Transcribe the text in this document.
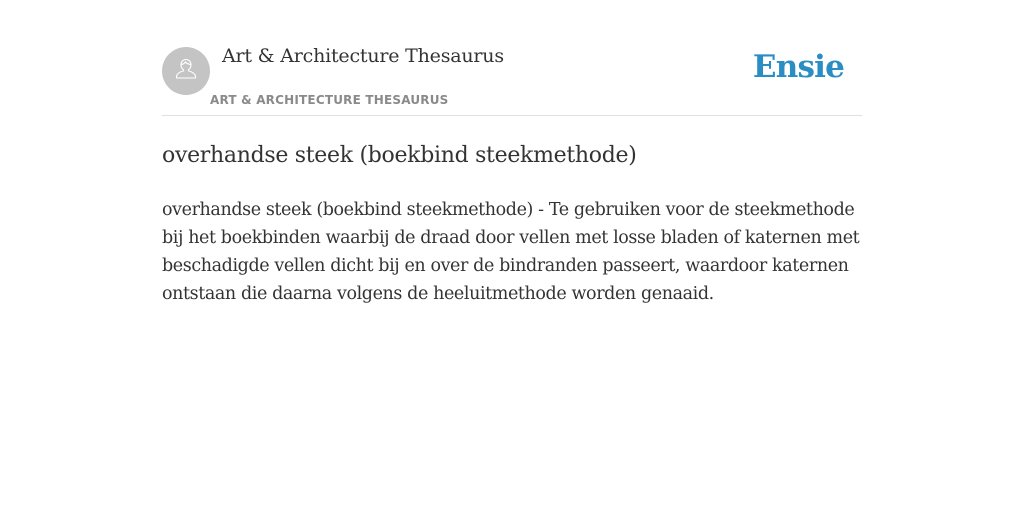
Art & Architecture Thesaurus
ART & ARCHITECTURE THESAURUS
Ensie
overhandse steek (boekbind steekmethode)

overhandse steek (boekbind steekmethode) - Te gebruiken voor de steekmethode bij het boekbinden waarbij de draad door vellen met losse bladen of katernen met beschadigde vellen dicht bij en over de bindranden passeert, waardoor katernen ontstaan die daarna volgens de heeluitmethode worden genaaid.
